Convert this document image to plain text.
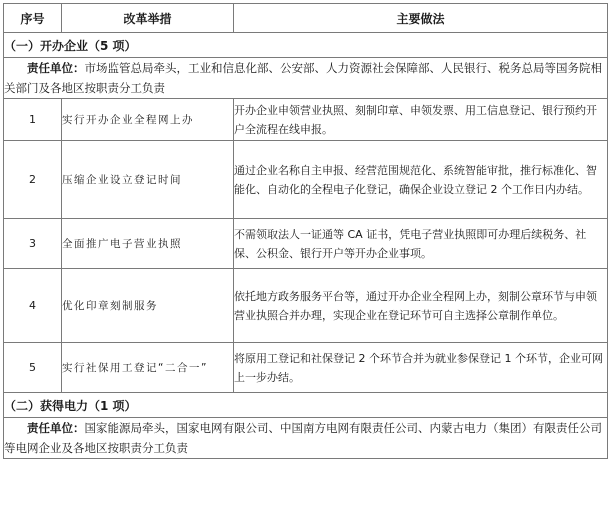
序号	改革举措	主要做法
（一）开办企业（5 项）		
责任单位：市场监管总局牵头，工业和信息化部、公安部、人力资源社会保障部、人民银行、税务总局等国务院相关部门及各地区按职责分工负责		
1	实行开办企业全程网上办	开办企业申领营业执照、刻制印章、申领发票、用工信息登记、银行预约开户全流程在线申报。
2	压缩企业设立登记时间	通过企业名称自主申报、经营范围规范化、系统智能审批，推行标准化、智能化、自动化的全程电子化登记，确保企业设立登记 2 个工作日内办结。
3	全面推广电子营业执照	不需领取法人一证通等 CA 证书，凭电子营业执照即可办理后续税务、社保、公积金、银行开户等开办企业事项。
4	优化印章刻制服务	依托地方政务服务平台等，通过开办企业全程网上办，刻制公章环节与申领营业执照合并办理，实现企业在登记环节可自主选择公章制作单位。
5	实行社保用工登记“二合一”	将原用工登记和社保登记 2 个环节合并为就业参保登记 1 个环节，企业可网上一步办结。
（二）获得电力（1 项）		
责任单位：国家能源局牵头，国家电网有限公司、中国南方电网有限责任公司、内蒙古电力（集团）有限责任公司等电网企业及各地区按职责分工负责		
